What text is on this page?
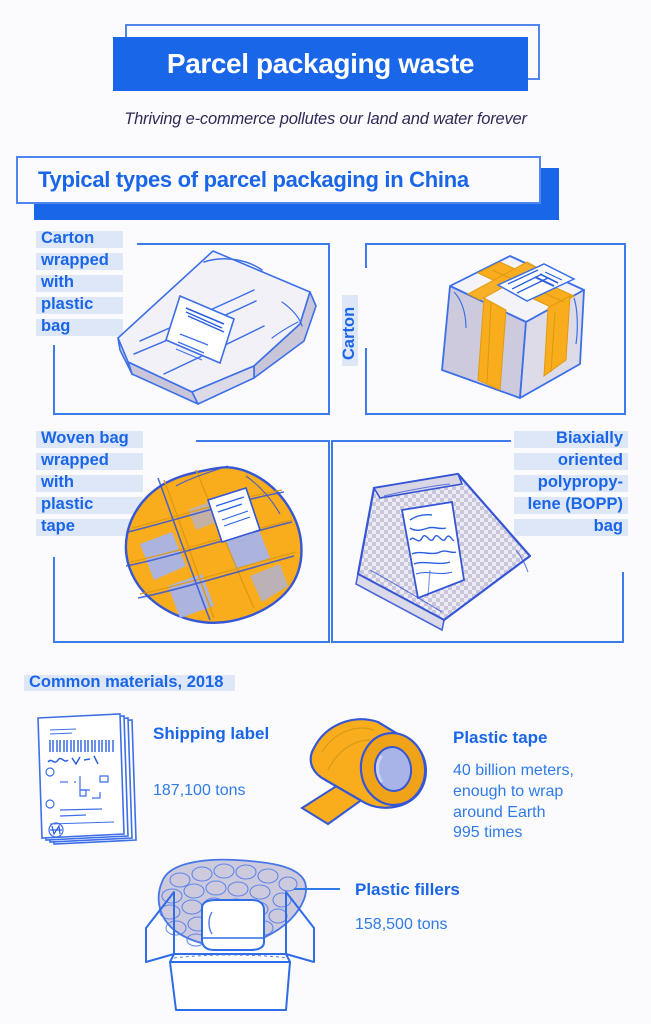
Parcel packaging waste
Thriving e-commerce pollutes our land and water forever
Typical types of parcel packaging in China
Carton
wrapped
with
plastic
bag	Carton
Woven bag
wrapped
with
plastic
tape
Biaxially
oriented
polypropy-
lene (BOPP)
bag
Common materials, 2018
Shipping label
187,100 tons
Plastic tape
40 billion meters,
enough to wrap
around Earth
995 times
Plastic fillers
158,500 tons
